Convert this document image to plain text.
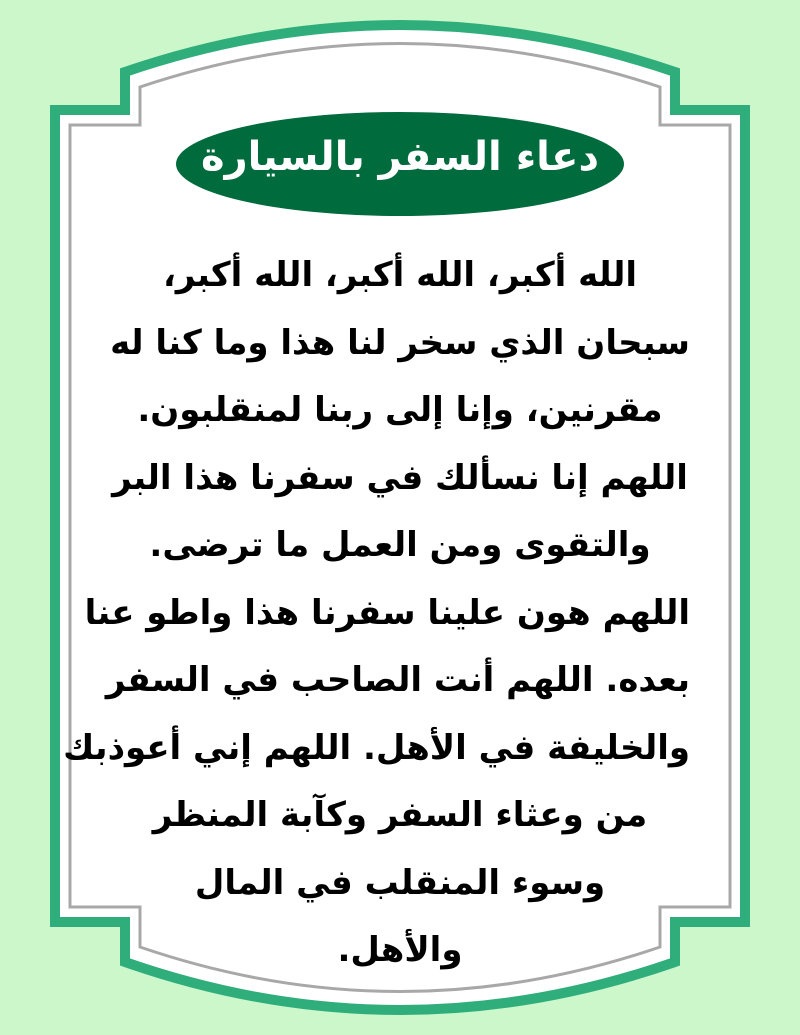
دعاء السفر بالسيارة
الله أكبر، الله أكبر، الله أكبر،
سبحان الذي سخر لنا هذا وما كنا له
مقرنين، وإنا إلى ربنا لمنقلبون.
اللهم إنا نسألك في سفرنا هذا البر
والتقوى ومن العمل ما ترضى.
اللهم هون علينا سفرنا هذا واطو عنا
بعده. اللهم أنت الصاحب في السفر
والخليفة في الأهل. اللهم إني أعوذبك
من وعثاء السفر وكآبة المنظر
وسوء المنقلب في المال
والأهل.
